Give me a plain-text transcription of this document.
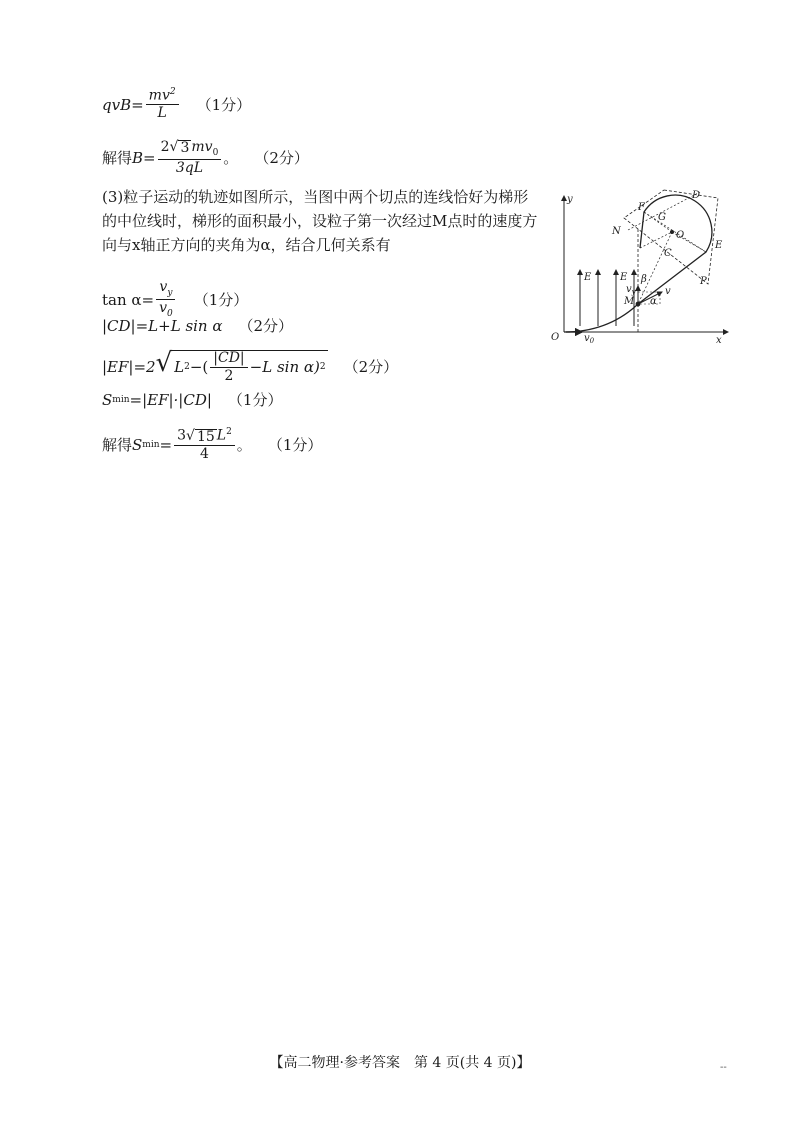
$qvB= \frac{mv^2}{L} (1$分）
解得 $B= \frac{2 √ 3 mv_0}{3qL}$ 。 （2分）
(3)粒子运动的轨迹如图所示，当图中两个切点的连线恰好为梯形的中位线时，梯形的面积最小，设粒子第一次经过M点时的速度方向与x轴正方向的夹角为α，结合几何关系有
$\tan \alpha= \frac{v_y}{v_0} (1$分）
|CD|=L+L sin α （2分）
|EF|=2 √ L 2 −( $\frac{|CD|}{2} -L$ sin α) 2 （2分）
S min =|EF|·|CD| （1分）
解得 S $\min = \frac{3 √ 15 L^2}{4}$ 。 （1分）
y
x
O $v_0$
E	E
F
D
G
N	O
C
E
P
M
$v_y$	v
α
β
【高二物理·参考答案　第 4 页(共 4 页)】	--
